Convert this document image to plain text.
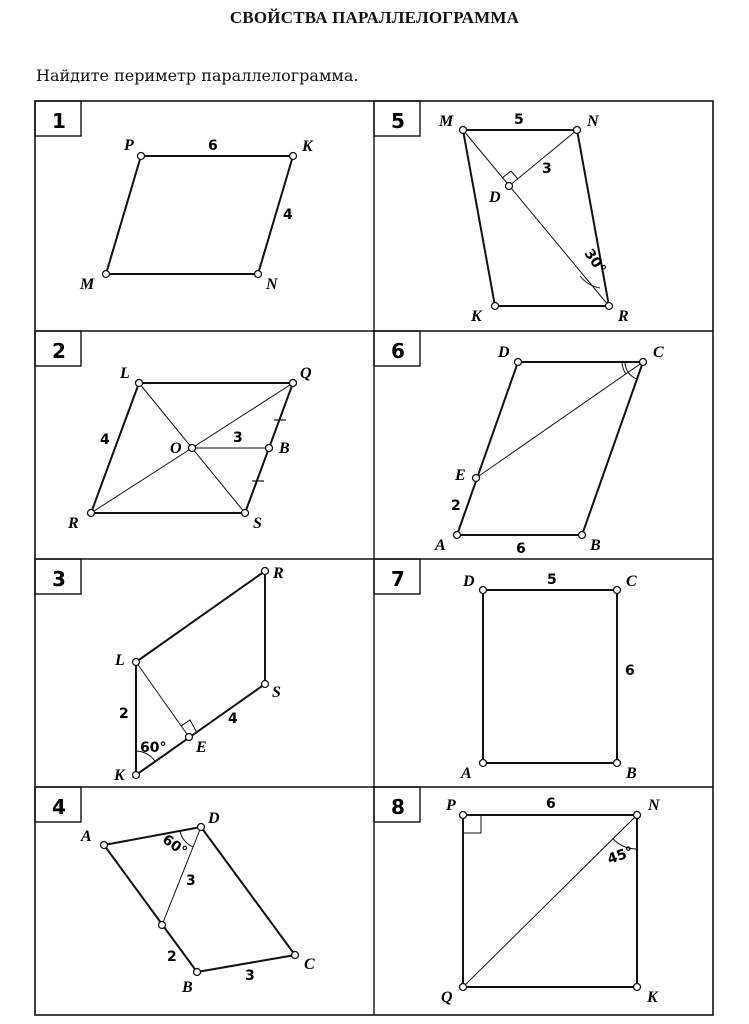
СВОЙСТВА ПАРАЛЛЕЛОГРАММА
Найдите периметр параллелограмма.
1
P	K
M	N
6
4
2
L	Q
O	B
R	S
4	3
3	R
L
S
E
K
2	4
60°
4
A
D
B
C
60°
3
2
3
5 M	N
D
K	R
5
3
30°
6	D	C
E
A	B
2
6
7	D	C
A	B
5
6
8	P	N
Q	K
6
45°
